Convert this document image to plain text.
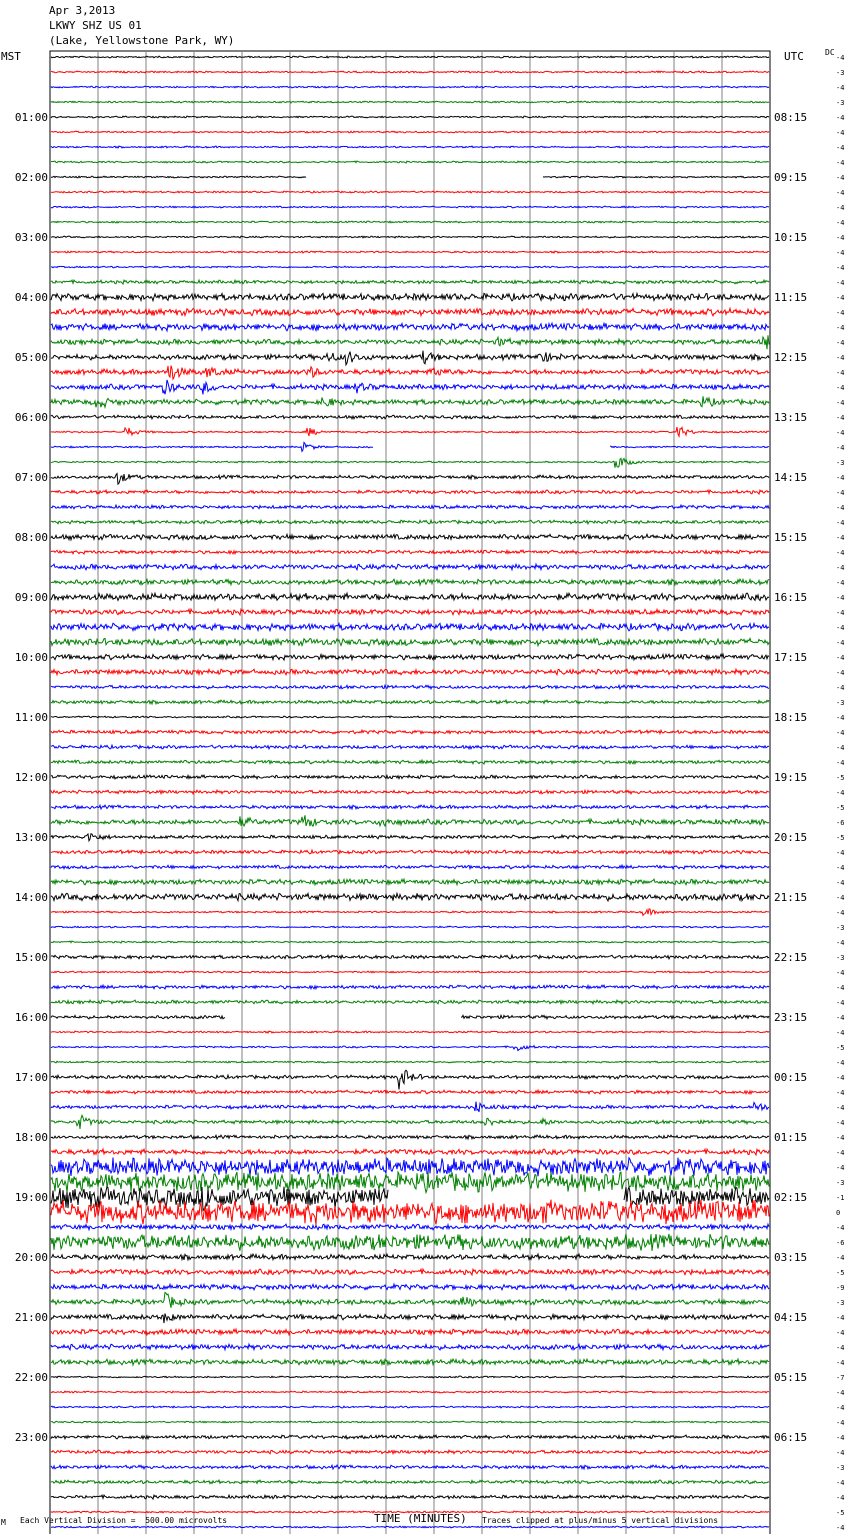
Apr 3,2013
LKWY SHZ US 01
(Lake, Yellowstone Park, WY)
MST	UTC	DC
-4
-3
-4
-3
-4
01:00	08:15
-4
-4
-4
-4
02:00	09:15
-4
-4
-4
-4
03:00	10:15
-4
-4
-4
-4
04:00	11:15
-4
-4
-4
-4
05:00	12:15
-4
-4
-4
-4
06:00	13:15
-4
-4
-3
-4
07:00	14:15
-4
-4
-4
-4
08:00	15:15
-4
-4
-4
-4
09:00	16:15
-4
-4
-4
-4
10:00	17:15
-4
-4
-3
-4
11:00	18:15
-4
-4
-4
-5
12:00	19:15
-4
-5
-6
-5
13:00	20:15
-4
-4
-4
-4
14:00	21:15
-4
-3
-4
-3
15:00	22:15
-4
-4
-4
-4
16:00	23:15
-4
-5
-4
-4
17:00	00:15
-4
-4
-4
-4
18:00	01:15
-4
-4
-3
-1
19:00	02:15
0
-4
-6
-4
20:00	03:15
-5
-9
-3
-4
21:00	04:15
-4
-4
-4
-7
22:00	05:15
-4
-4
-4
-4
23:00	06:15
-4
-3
-4
-4
-5
-4
M Each Vertical Division =  500.00 microvolts	TIME (MINUTES) Traces clipped at plus/minus 5 vertical divisions
